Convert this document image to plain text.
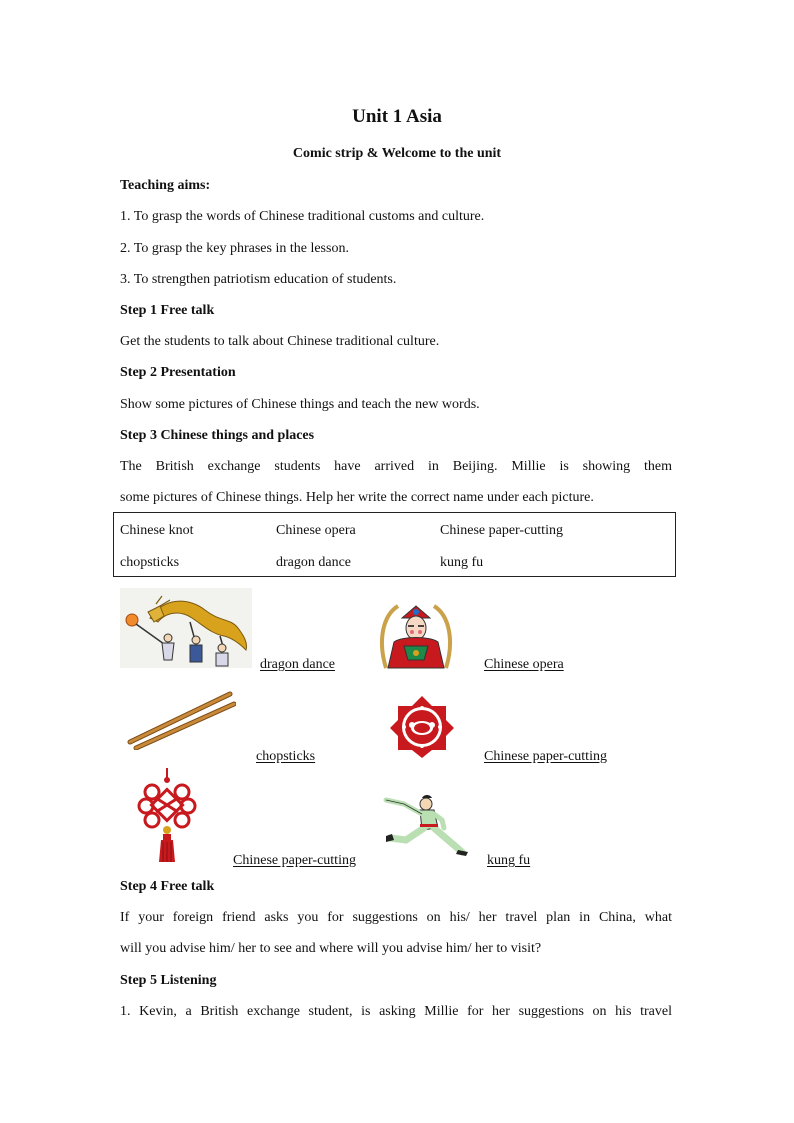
Unit 1 Asia
Comic strip & Welcome to the unit
Teaching aims:
1. To grasp the words of Chinese traditional customs and culture.
2. To grasp the key phrases in the lesson.
3. To strengthen patriotism education of students.
Step 1 Free talk
Get the students to talk about Chinese traditional culture.
Step 2 Presentation
Show some pictures of Chinese things and teach the new words.
Step 3 Chinese things and places
The British exchange students have arrived in Beijing. Millie is showing them
some pictures of Chinese things. Help her write the correct name under each picture.
Chinese knot	Chinese opera	Chinese paper-cutting
chopsticks	dragon dance	kung fu
dragon dance	Chinese opera
chopsticks	Chinese paper-cutting
Chinese paper-cutting	kung fu
Step 4 Free talk
If your foreign friend asks you for suggestions on his/ her travel plan in China, what
will you advise him/ her to see and where will you advise him/ her to visit?
Step 5 Listening
1. Kevin, a British exchange student, is asking Millie for her suggestions on his travel
